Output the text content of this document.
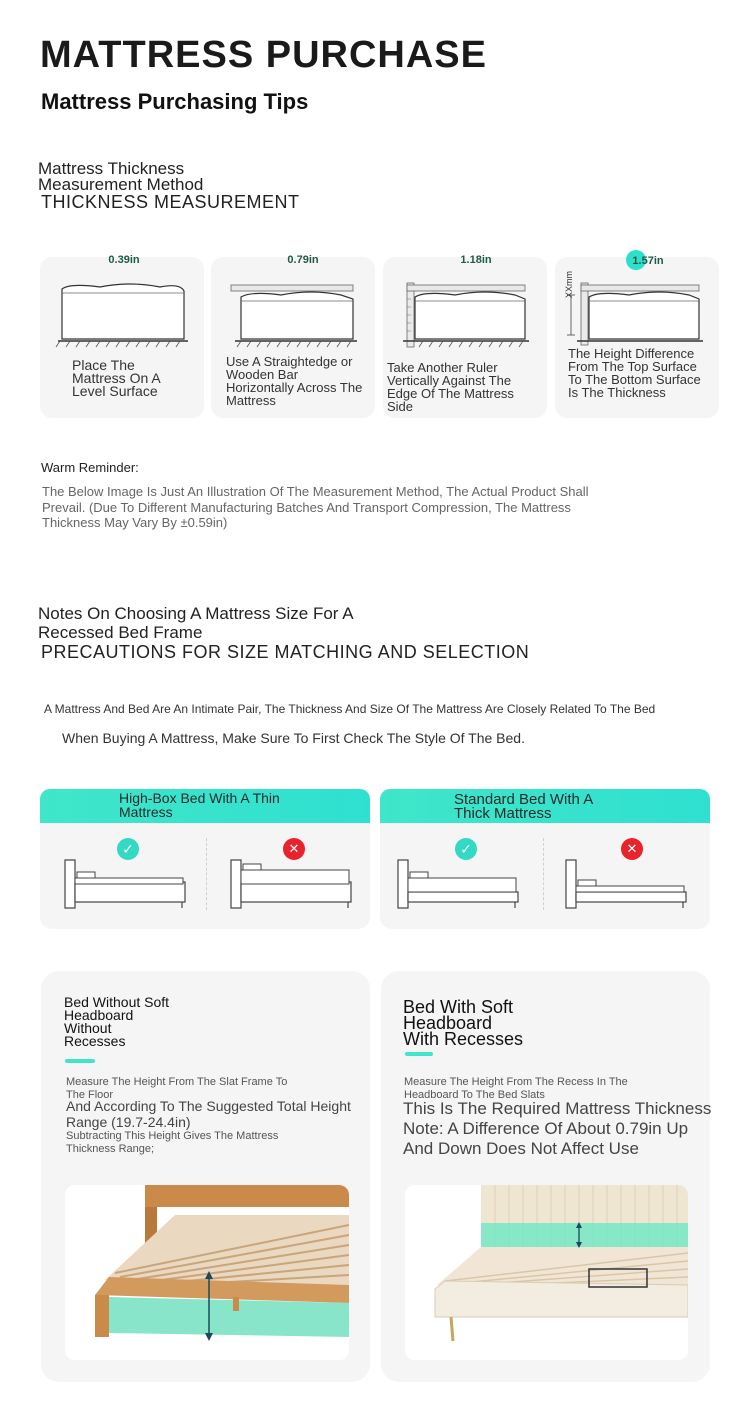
MATTRESS PURCHASE
Mattress Purchasing Tips
Mattress Thickness
Measurement Method
THICKNESS MEASUREMENT
0.39in
Place The Mattress On A Level Surface
0.79in
Use A Straightedge or Wooden Bar Horizontally Across The Mattress
1.18in
Take Another Ruler Vertically Against The Edge Of The Mattress Side
XXmm
1.57in
The Height Difference From The Top Surface To The Bottom Surface Is The Thickness
Warm Reminder:
The Below Image Is Just An Illustration Of The Measurement Method, The Actual Product Shall Prevail. (Due To Different Manufacturing Batches And Transport Compression, The Mattress Thickness May Vary By ±0.59in)
Notes On Choosing A Mattress Size For A
Recessed Bed Frame
PRECAUTIONS FOR SIZE MATCHING AND SELECTION
A Mattress And Bed Are An Intimate Pair, The Thickness And Size Of The Mattress Are Closely Related To The Bed
When Buying A Mattress, Make Sure To First Check The Style Of The Bed.
High-Box Bed With A Thin
Mattress
✓	✕
Standard Bed With A
Thick Mattress
✓	✕
Bed Without Soft
Headboard
Without
Recesses
Measure The Height From The Slat Frame To
The Floor
And According To The Suggested Total Height
Range (19.7-24.4in)
Subtracting This Height Gives The Mattress
Thickness Range;
Bed With Soft
Headboard
With Recesses
Measure The Height From The Recess In The
Headboard To The Bed Slats
This Is The Required Mattress Thickness
Note: A Difference Of About 0.79in Up
And Down Does Not Affect Use
